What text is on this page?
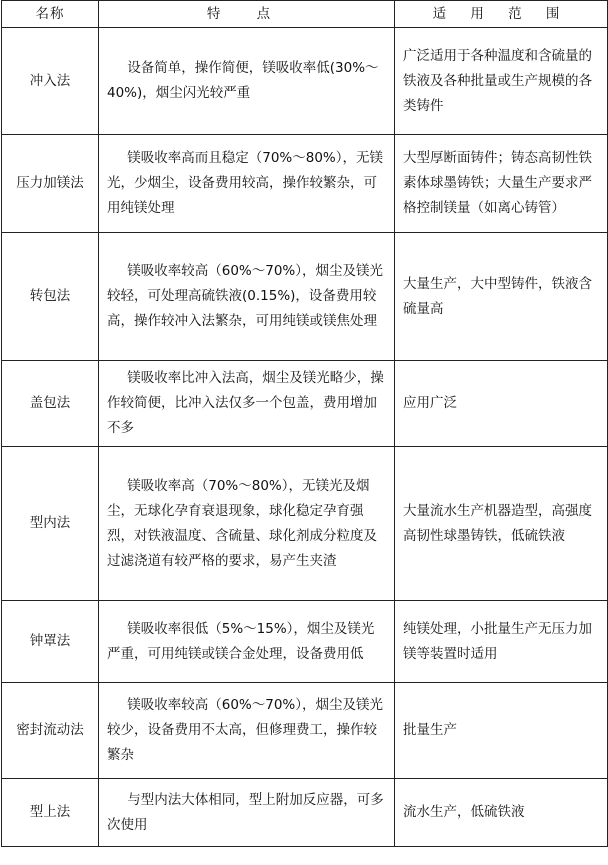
名称	特 点	适 用 范 围
冲入法	设备简单，操作简便，镁吸收率低(30%～40%)，烟尘闪光较严重	广泛适用于各种温度和含硫量的铁液及各种批量或生产规模的各类铸件
压力加镁法	镁吸收率高而且稳定（70%～80%），无镁光，少烟尘，设备费用较高，操作较繁杂，可用纯镁处理	大型厚断面铸件；铸态高韧性铁素体球墨铸铁；大量生产要求严格控制镁量（如离心铸管）
转包法	镁吸收率较高（60%～70%），烟尘及镁光较轻，可处理高硫铁液(0.15%)，设备费用较高，操作较冲入法繁杂，可用纯镁或镁焦处理	大量生产，大中型铸件，铁液含硫量高
盖包法	镁吸收率比冲入法高，烟尘及镁光略少，操作较简便，比冲入法仅多一个包盖，费用增加不多	应用广泛
型内法	镁吸收率高（70%～80%），无镁光及烟尘，无球化孕育衰退现象，球化稳定孕育强烈，对铁液温度、含硫量、球化剂成分粒度及过滤浇道有较严格的要求，易产生夹渣	大量流水生产机器造型，高强度高韧性球墨铸铁，低硫铁液
钟罩法	镁吸收率很低（5%～15%），烟尘及镁光严重，可用纯镁或镁合金处理，设备费用低	纯镁处理，小批量生产无压力加镁等装置时适用
密封流动法	镁吸收率较高（60%～70%），烟尘及镁光较少，设备费用不太高，但修理费工，操作较繁杂	批量生产
型上法	与型内法大体相同，型上附加反应器，可多次使用	流水生产，低硫铁液
